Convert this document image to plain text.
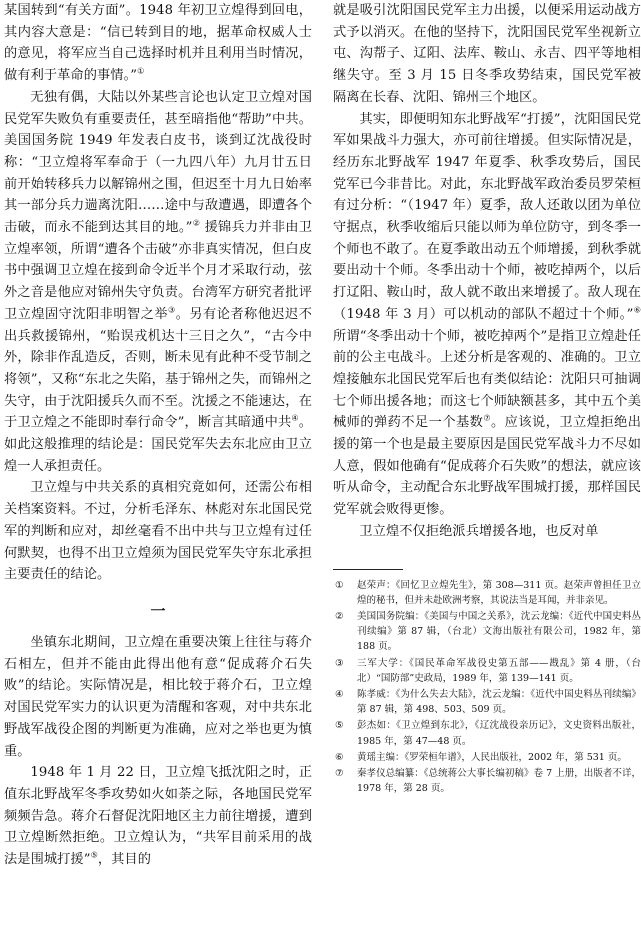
某国转到“有关方面”。1948 年初卫立煌得到回电，其内容大意是：“信已转到目的地，据革命权威人士的意见，将军应当自己选择时机并且利用当时情况，做有利于革命的事情。”①

无独有偶，大陆以外某些言论也认定卫立煌对国民党军失败负有重要责任，甚至暗指他“帮助”中共。美国国务院 1949 年发表白皮书，谈到辽沈战役时称：“卫立煌将军奉命于（一九四八年）九月廿五日前开始转移兵力以解锦州之围，但迟至十月九日始率其一部分兵力遄离沈阳……途中与敌遭遇，即遭各个击破，而永不能到达其目的地。”② 援锦兵力并非由卫立煌率领，所谓“遭各个击破”亦非真实情况，但白皮书中强调卫立煌在接到命令近半个月才采取行动，弦外之音是他应对锦州失守负责。台湾军方研究者批评卫立煌固守沈阳非明智之举③。另有论者称他迟迟不出兵救援锦州，“贻误戎机达十三日之久”，“古今中外，除非作乱造反，否则，断未见有此种不受节制之将领”，又称“东北之失陷，基于锦州之失，而锦州之失守，由于沈阳援兵久而不至。沈援之不能速达，在于卫立煌之不能即时奉行命令”，断言其暗通中共④。如此这般推理的结论是：国民党军失去东北应由卫立煌一人承担责任。

卫立煌与中共关系的真相究竟如何，还需公布相关档案资料。不过，分析毛泽东、林彪对东北国民党军的判断和应对，却丝毫看不出中共与卫立煌有过任何默契，也得不出卫立煌须为国民党军失守东北承担主要责任的结论。

一

坐镇东北期间，卫立煌在重要决策上往往与蒋介石相左，但并不能由此得出他有意“促成蒋介石失败”的结论。实际情况是，相比较于蒋介石，卫立煌对国民党军实力的认识更为清醒和客观，对中共东北野战军战役企图的判断更为准确，应对之举也更为慎重。

1948 年 1 月 22 日，卫立煌飞抵沈阳之时，正值东北野战军冬季攻势如火如荼之际，各地国民党军频频告急。蒋介石督促沈阳地区主力前往增援，遭到卫立煌断然拒绝。卫立煌认为，“共军目前采用的战法是围城打援”⑤，其目的

就是吸引沈阳国民党军主力出援，以便采用运动战方式予以消灭。在他的坚持下，沈阳国民党军坐视新立屯、沟帮子、辽阳、法库、鞍山、永吉、四平等地相继失守。至 3 月 15 日冬季攻势结束，国民党军被隔离在长春、沈阳、锦州三个地区。

其实，即便明知东北野战军“打援”，沈阳国民党军如果战斗力强大，亦可前往增援。但实际情况是，经历东北野战军 1947 年夏季、秋季攻势后，国民党军已今非昔比。对此，东北野战军政治委员罗荣桓有过分析：“（1947 年）夏季，敌人还敢以团为单位守据点，秋季收缩后只能以师为单位防守，到冬季一个师也不敢了。在夏季敢出动五个师增援，到秋季就要出动十个师。冬季出动十个师，被吃掉两个，以后打辽阳、鞍山时，敌人就不敢出来增援了。敌人现在（1948 年 3 月）可以机动的部队不超过十个师。”⑥ 所谓“冬季出动十个师，被吃掉两个”是指卫立煌赴任前的公主屯战斗。上述分析是客观的、准确的。卫立煌接触东北国民党军后也有类似结论：沈阳只可抽调七个师出援各地；而这七个师缺额甚多，其中五个美械师的弹药不足一个基数⑦。应该说，卫立煌拒绝出援的第一个也是最主要原因是国民党军战斗力不尽如人意，假如他确有“促成蒋介石失败”的想法，就应该听从命令，主动配合东北野战军围城打援，那样国民党军就会败得更惨。

卫立煌不仅拒绝派兵增援各地，也反对单

① 赵荣声：《回忆卫立煌先生》，第 308—311 页。赵荣声曾担任卫立煌的秘书，但并未赴欧洲考察，其说法当是耳闻，并非亲见。
② 美国国务院编：《美国与中国之关系》，沈云龙编：《近代中国史料丛刊续编》第 87 辑，（台北）文海出版社有限公司，1982 年，第 188 页。
③ 三军大学：《国民革命军战役史第五部——戡乱》第 4 册，（台北）“国防部”史政局，1989 年，第 139—141 页。
④ 陈孝威：《为什么失去大陆》，沈云龙编：《近代中国史料丛刊续编》第 87 辑，第 498、503、509 页。
⑤ 彭杰如：《卫立煌到东北》，《辽沈战役亲历记》，文史资料出版社，1985 年，第 47—48 页。
⑥ 黄瑶主编：《罗荣桓年谱》，人民出版社，2002 年，第 531 页。
⑦ 秦孝仪总编纂：《总统蒋公大事长编初稿》卷 7 上册，出版者不详，1978 年，第 28 页。
